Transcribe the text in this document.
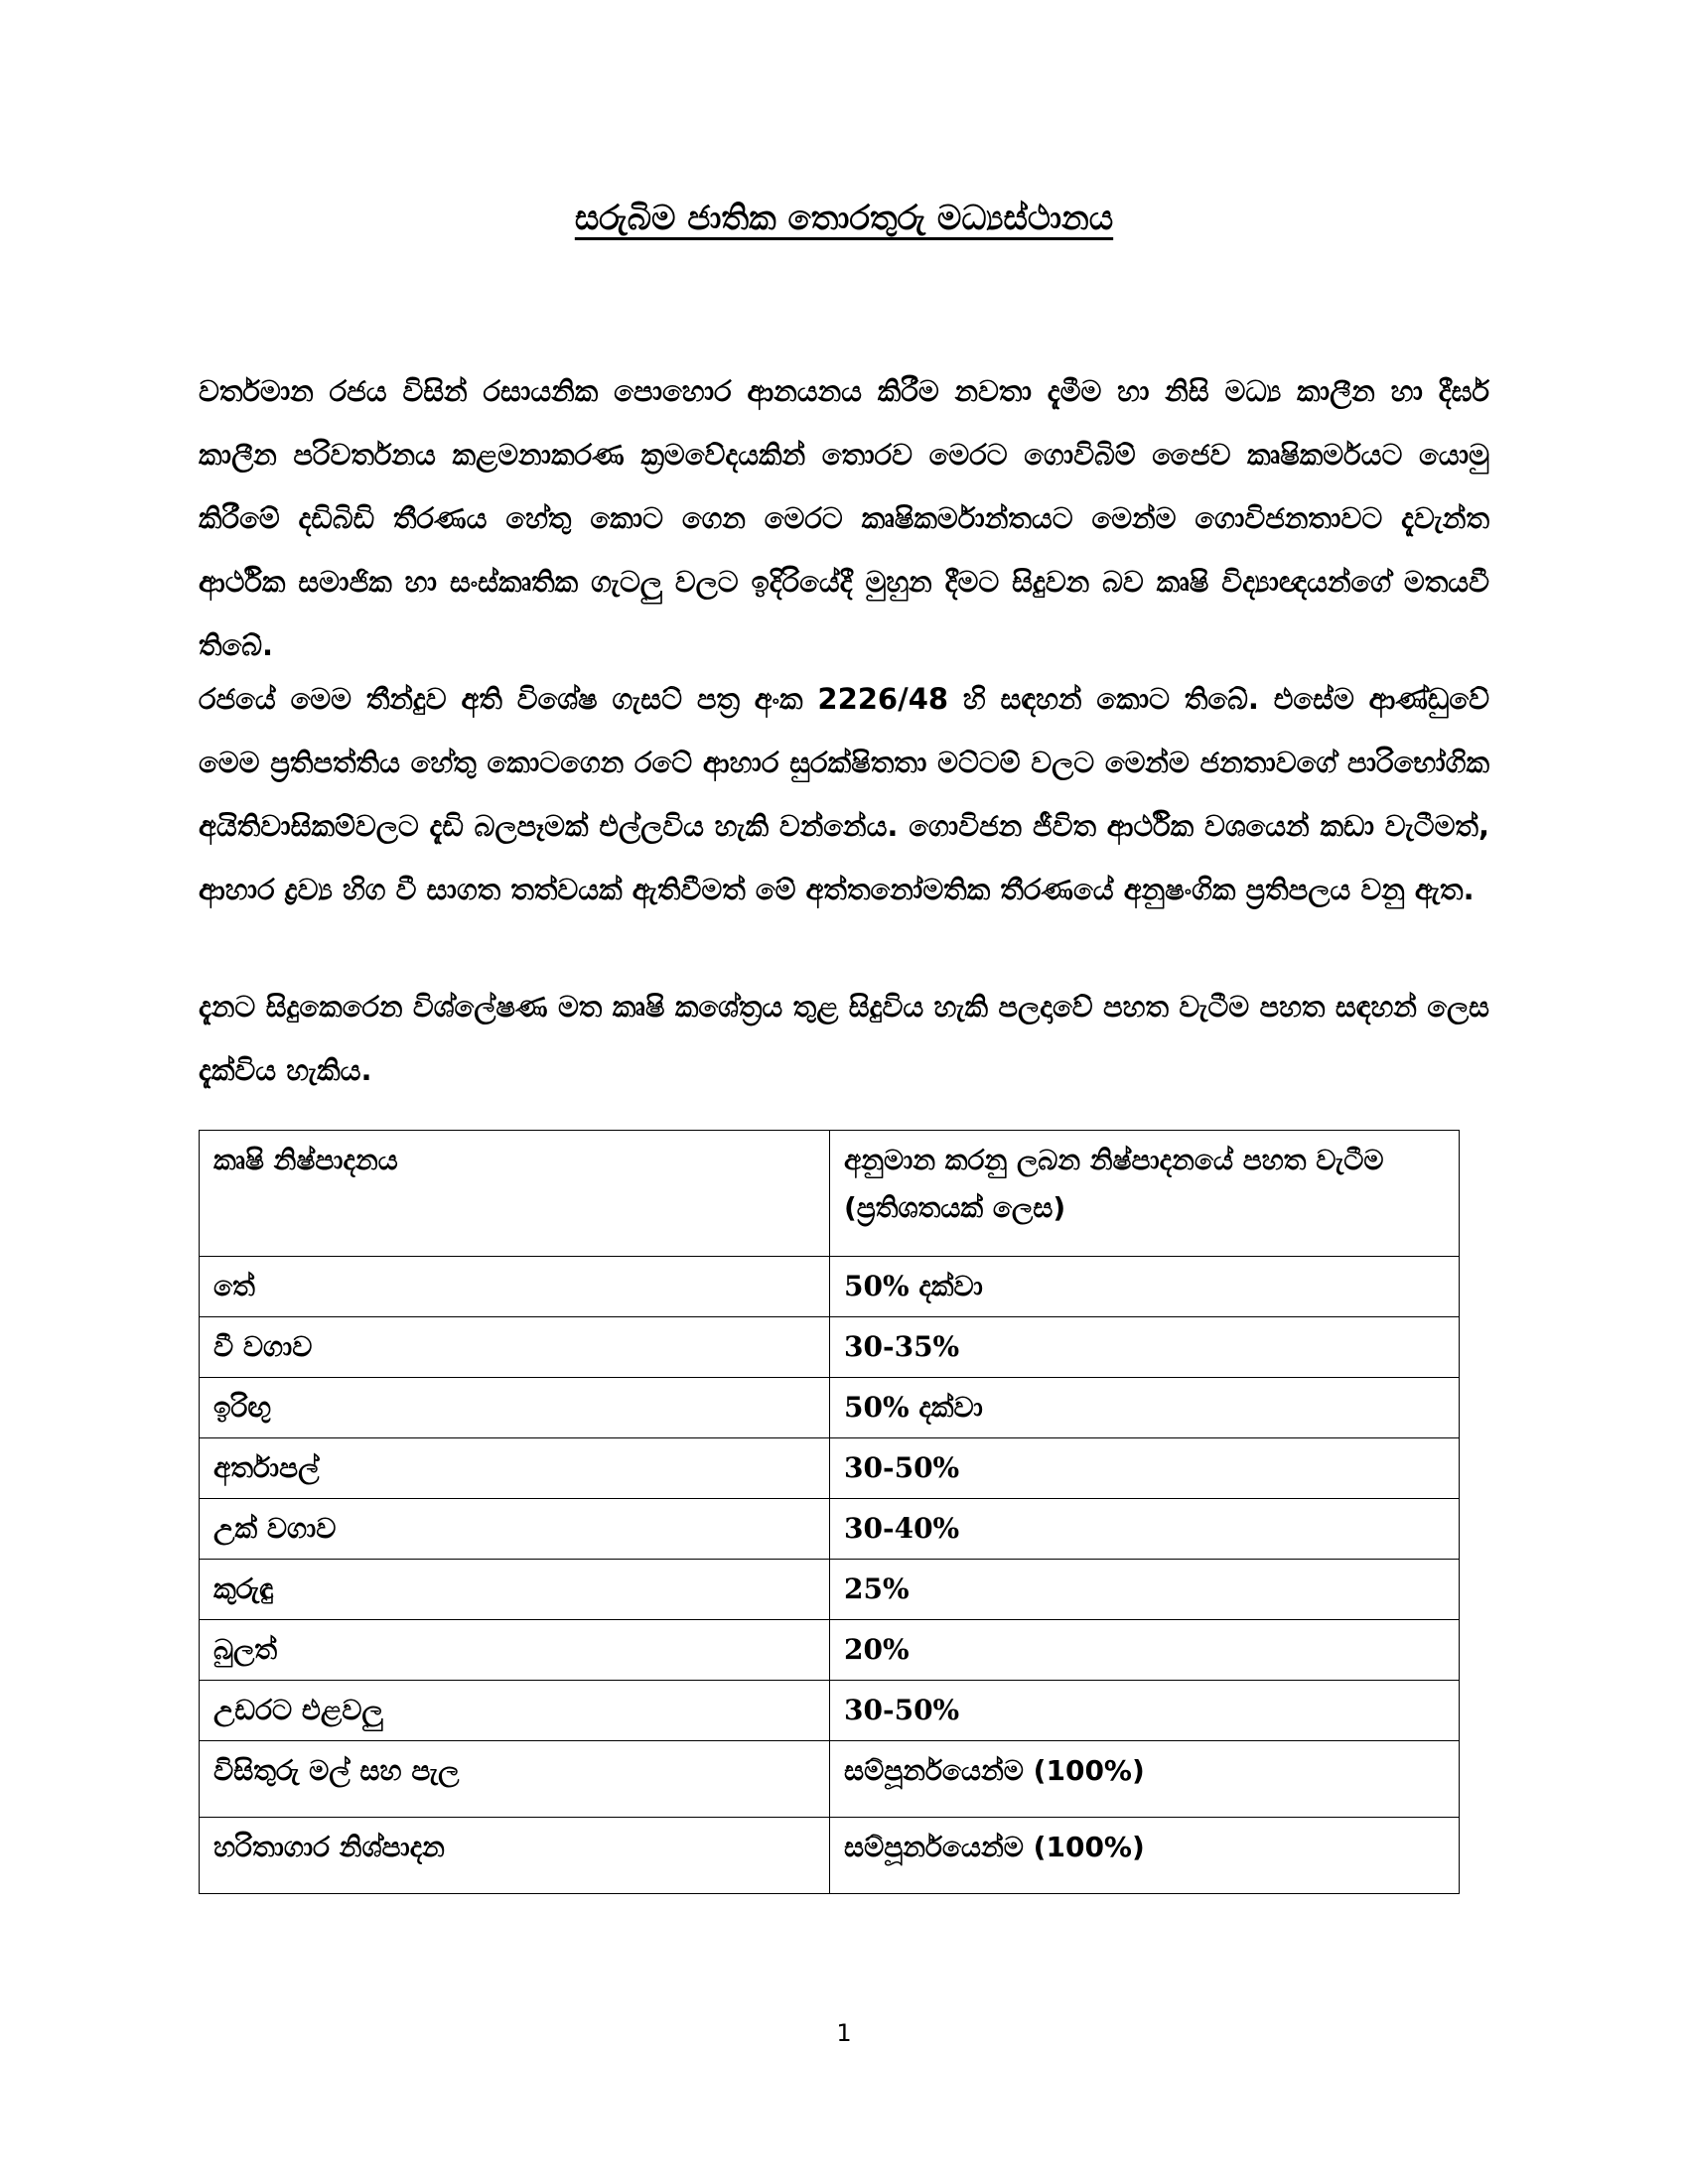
සරුබිම ජාතික තොරතුරු මධ්‍යස්ථානය

වර්තමාන රජය විසින් රසායනික පොහොර ආනයනය කිරීම නවතා දැමීම හා නිසි මධ්‍ය කාලීන හා දීර්ඝ කාලීන පරිවර්තනය කළමනාකරණ ක්‍රමවේදයකින් තොරව මෙරට ගොවිබිම් ජෛව කෘෂිකර්මයට යොමු කිරීමේ දඩිබිඩි තීරණය හේතු කොට ගෙන මෙරට කෘෂිකර්මාන්තයට මෙන්ම ගොවිජනතාවට දැවැන්ත ආර්ථික සමාජික හා සංස්කෘතික ගැටලු වලට ඉදිරියේදී මුහුන දීමට සිදුවන බව කෘෂි විද්‍යාඥයන්ගේ මතයවී තිබේ.

රජයේ මෙම තීන්දුව අති විශේෂ ගැසට් පත්‍ර අංක 2226/48 හි සඳහන් කොට තිබේ. එසේම ආණ්ඩුවේ මෙම ප්‍රතිපත්තිය හේතු කොටගෙන රටේ ආහාර සුරක්ෂිතතා මට්ටම් වලට මෙන්ම ජනතාවගේ පාරිභෝගික අයිතිවාසිකම්වලට දැඩි බලපෑමක් එල්ලවිය හැකි වන්නේය. ගොවිජන ජීවිත ආර්ථික වශයෙන් කඩා වැටීමත්, ආහාර ද්‍රව්‍ය හිග වී සාගත තත්වයක් ඇතිවීමත් මේ අත්තනෝමතික තීරණයේ අනුෂංගික ප්‍රතිපලය වනු ඇත.

දැනට සිදුකෙරෙන විශ්ලේෂණ මත කෘෂි කශේත්‍රය තුළ සිදුවිය හැකි පලදාවේ පහත වැටීම පහත සඳහන් ලෙස දැක්විය හැකිය.

කෘෂි නිෂ්පාදනය	අනුමාන කරනු ලබන නිෂ්පාදනයේ පහත වැටීම (ප්‍රතිශතයක් ලෙස)
තේ	50% දක්වා
වී වගාව	30-35%
ඉරිඟු	50% දක්වා
අර්තාපල්	30-50%
උක් වගාව	30-40%
කුරුඳු	25%
බුලත්	20%
උඩරට එළවලු	30-50%
විසිතුරු මල් සහ පැල	සම්පූර්නයෙන්ම (100%)
හරිතාගාර නිශ්පාදන	සම්පූර්නයෙන්ම (100%)
1
